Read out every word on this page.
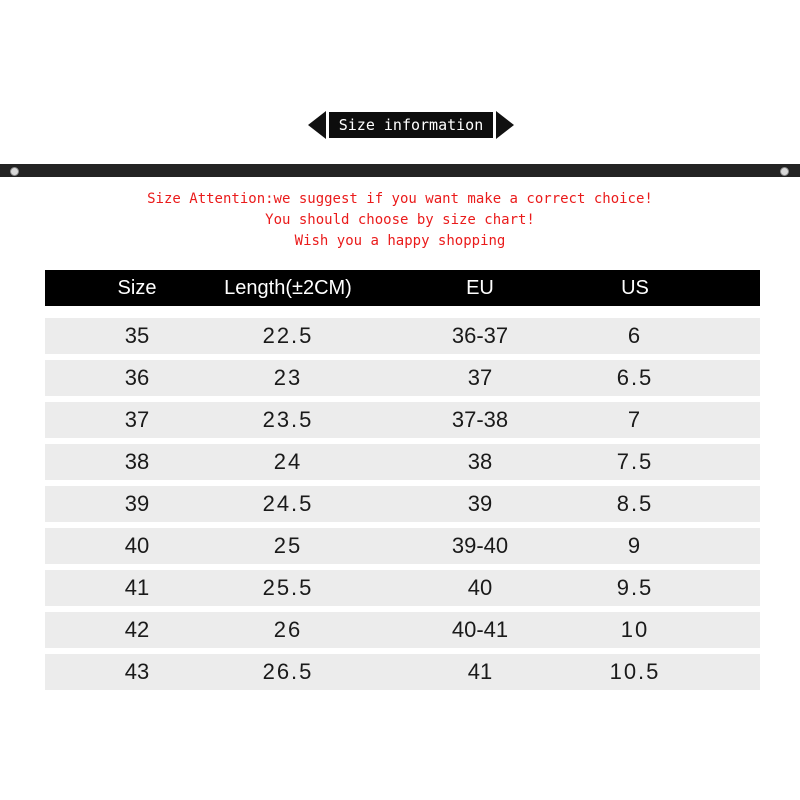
Size information
Size Attention:we suggest if you want make a correct choice!
You should choose by size chart!
Wish you a happy shopping
Size	Length(±2CM)	EU	US
35	22.5	36-37	6
36	23	37	6.5
37	23.5	37-38	7
38	24	38	7.5
39	24.5	39	8.5
40	25	39-40	9
41	25.5	40	9.5
42	26	40-41	10
43	26.5	41	10.5
